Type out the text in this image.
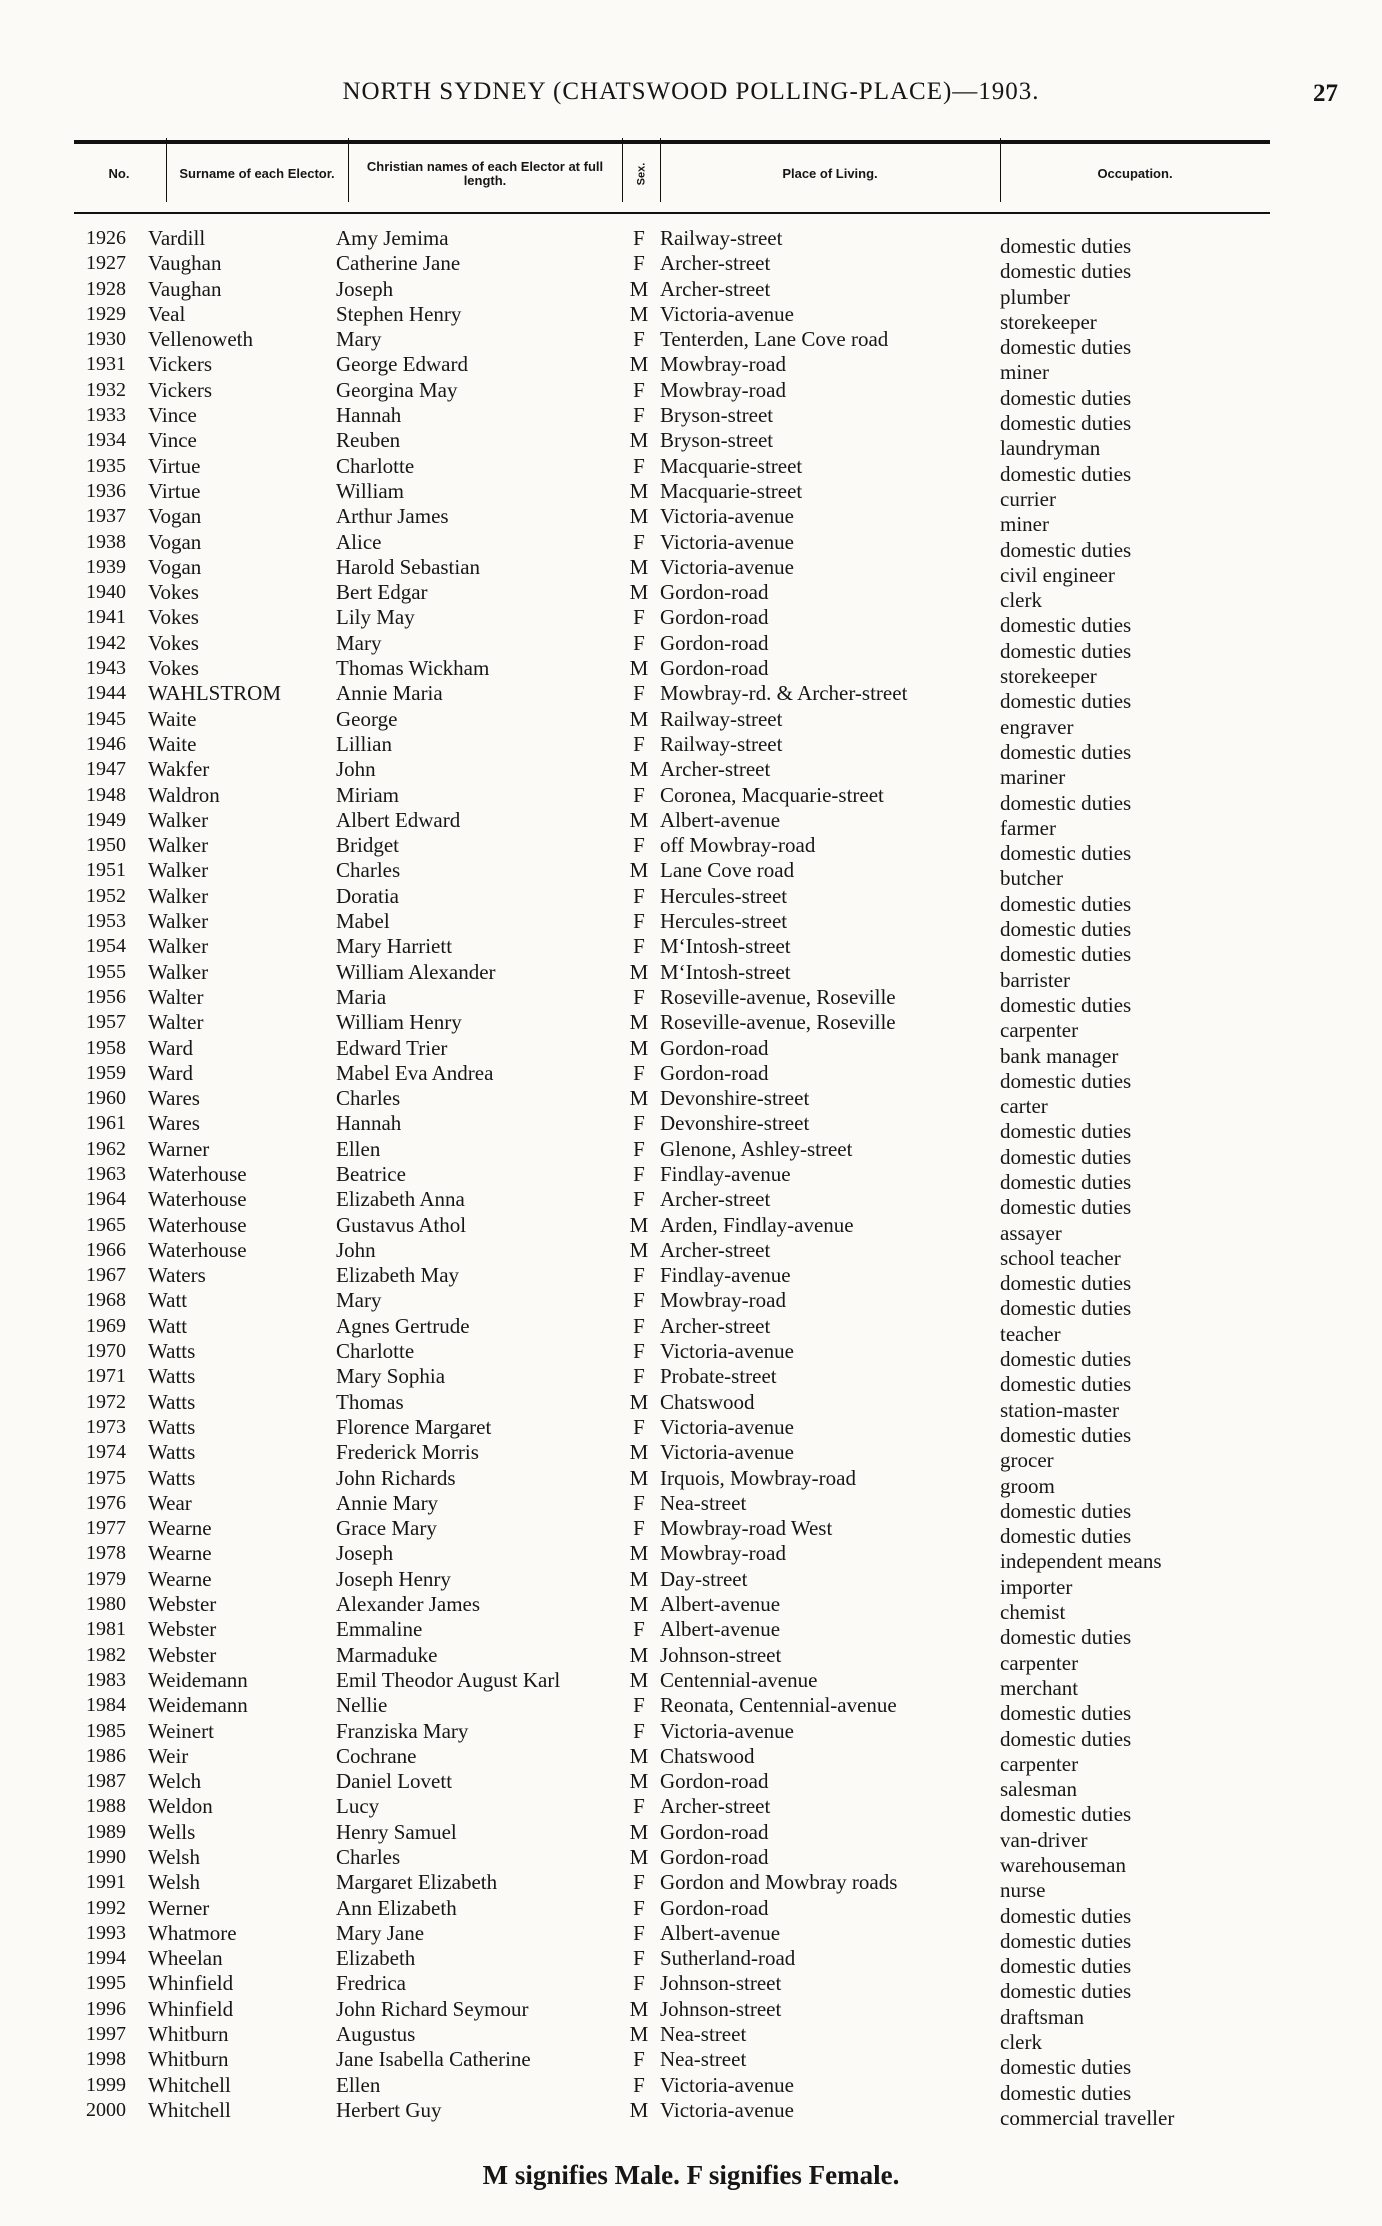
NORTH SYDNEY (CHATSWOOD POLLING-PLACE)—1903.	27
No.	Surname of each Elector.	Christian names of each Elector at full length.	Sex.	Place of Living.	Occupation.
1926 Vardill	Amy Jemima	F Railway-street	domestic duties
1927 Vaughan	Catherine Jane	F Archer-street	domestic duties
1928 Vaughan	Joseph	M Archer-street	plumber
1929 Veal	Stephen Henry	M Victoria-avenue	storekeeper
1930 Vellenoweth	Mary	F Tenterden, Lane Cove road	domestic duties
1931 Vickers	George Edward	M Mowbray-road	miner
1932 Vickers	Georgina May	F Mowbray-road	domestic duties
1933 Vince	Hannah	F Bryson-street	domestic duties
1934 Vince	Reuben	M Bryson-street	laundryman
1935 Virtue	Charlotte	F Macquarie-street	domestic duties
1936 Virtue	William	M Macquarie-street	currier
1937 Vogan	Arthur James	M Victoria-avenue	miner
1938 Vogan	Alice	F Victoria-avenue	domestic duties
1939 Vogan	Harold Sebastian	M Victoria-avenue	civil engineer
1940 Vokes	Bert Edgar	M Gordon-road	clerk
1941 Vokes	Lily May	F Gordon-road	domestic duties
1942 Vokes	Mary	F Gordon-road	domestic duties
1943 Vokes	Thomas Wickham	M Gordon-road	storekeeper
1944 WAHLSTROM	Annie Maria	F Mowbray-rd. & Archer-street	domestic duties
1945 Waite	George	M Railway-street	engraver
1946 Waite	Lillian	F Railway-street	domestic duties
1947 Wakfer	John	M Archer-street	mariner
1948 Waldron	Miriam	F Coronea, Macquarie-street	domestic duties
1949 Walker	Albert Edward	M Albert-avenue	farmer
1950 Walker	Bridget	F off Mowbray-road	domestic duties
1951 Walker	Charles	M Lane Cove road	butcher
1952 Walker	Doratia	F Hercules-street	domestic duties
1953 Walker	Mabel	F Hercules-street	domestic duties
1954 Walker	Mary Harriett	F M‘Intosh-street	domestic duties
1955 Walker	William Alexander	M M‘Intosh-street	barrister
1956 Walter	Maria	F Roseville-avenue, Roseville	domestic duties
1957 Walter	William Henry	M Roseville-avenue, Roseville	carpenter
1958 Ward	Edward Trier	M Gordon-road	bank manager
1959 Ward	Mabel Eva Andrea	F Gordon-road	domestic duties
1960 Wares	Charles	M Devonshire-street	carter
1961 Wares	Hannah	F Devonshire-street	domestic duties
1962 Warner	Ellen	F Glenone, Ashley-street	domestic duties
1963 Waterhouse	Beatrice	F Findlay-avenue	domestic duties
1964 Waterhouse	Elizabeth Anna	F Archer-street	domestic duties
1965 Waterhouse	Gustavus Athol	M Arden, Findlay-avenue	assayer
1966 Waterhouse	John	M Archer-street	school teacher
1967 Waters	Elizabeth May	F Findlay-avenue	domestic duties
1968 Watt	Mary	F Mowbray-road	domestic duties
1969 Watt	Agnes Gertrude	F Archer-street	teacher
1970 Watts	Charlotte	F Victoria-avenue	domestic duties
1971 Watts	Mary Sophia	F Probate-street	domestic duties
1972 Watts	Thomas	M Chatswood	station-master
1973 Watts	Florence Margaret	F Victoria-avenue	domestic duties
1974 Watts	Frederick Morris	M Victoria-avenue	grocer
1975 Watts	John Richards	M Irquois, Mowbray-road	groom
1976 Wear	Annie Mary	F Nea-street	domestic duties
1977 Wearne	Grace Mary	F Mowbray-road West	domestic duties
1978 Wearne	Joseph	M Mowbray-road	independent means
1979 Wearne	Joseph Henry	M Day-street	importer
1980 Webster	Alexander James	M Albert-avenue	chemist
1981 Webster	Emmaline	F Albert-avenue	domestic duties
1982 Webster	Marmaduke	M Johnson-street	carpenter
1983 Weidemann	Emil Theodor August Karl	M Centennial-avenue	merchant
1984 Weidemann	Nellie	F Reonata, Centennial-avenue	domestic duties
1985 Weinert	Franziska Mary	F Victoria-avenue	domestic duties
1986 Weir	Cochrane	M Chatswood	carpenter
1987 Welch	Daniel Lovett	M Gordon-road	salesman
1988 Weldon	Lucy	F Archer-street	domestic duties
1989 Wells	Henry Samuel	M Gordon-road	van-driver
1990 Welsh	Charles	M Gordon-road	warehouseman
1991 Welsh	Margaret Elizabeth	F Gordon and Mowbray roads	nurse
1992 Werner	Ann Elizabeth	F Gordon-road	domestic duties
1993 Whatmore	Mary Jane	F Albert-avenue	domestic duties
1994 Wheelan	Elizabeth	F Sutherland-road	domestic duties
1995 Whinfield	Fredrica	F Johnson-street	domestic duties
1996 Whinfield	John Richard Seymour	M Johnson-street	draftsman
1997 Whitburn	Augustus	M Nea-street	clerk
1998 Whitburn	Jane Isabella Catherine	F Nea-street	domestic duties
1999 Whitchell	Ellen	F Victoria-avenue	domestic duties
2000 Whitchell	Herbert Guy	M Victoria-avenue	commercial traveller
M signifies Male. F signifies Female.
